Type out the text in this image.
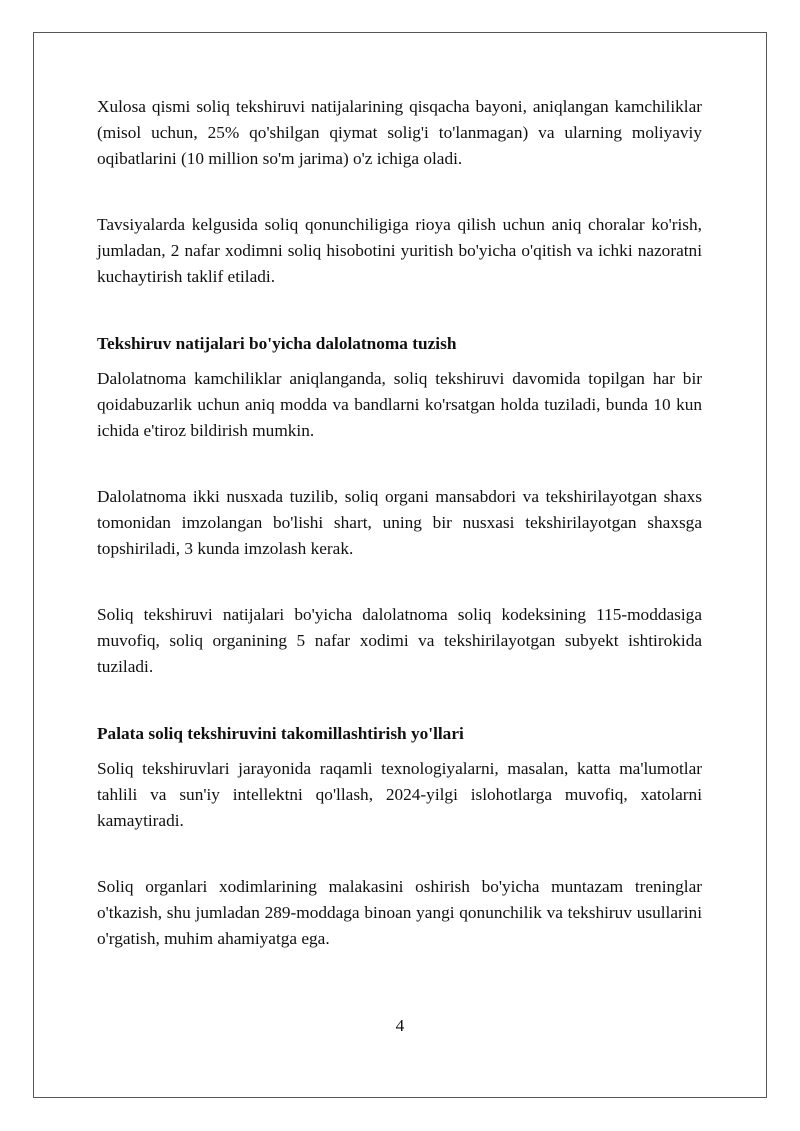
Xulosa qismi soliq tekshiruvi natijalarining qisqacha bayoni, aniqlangan kamchiliklar (misol uchun, 25% qo'shilgan qiymat solig'i to'lanmagan) va ularning moliyaviy oqibatlarini (10 million so'm jarima) o'z ichiga oladi.

Tavsiyalarda kelgusida soliq qonunchiligiga rioya qilish uchun aniq choralar ko'rish, jumladan, 2 nafar xodimni soliq hisobotini yuritish bo'yicha o'qitish va ichki nazoratni kuchaytirish taklif etiladi.

Tekshiruv natijalari bo'yicha dalolatnoma tuzish

Dalolatnoma kamchiliklar aniqlanganda, soliq tekshiruvi davomida topilgan har bir qoidabuzarlik uchun aniq modda va bandlarni ko'rsatgan holda tuziladi, bunda 10 kun ichida e'tiroz bildirish mumkin.

Dalolatnoma ikki nusxada tuzilib, soliq organi mansabdori va tekshirilayotgan shaxs tomonidan imzolangan bo'lishi shart, uning bir nusxasi tekshirilayotgan shaxsga topshiriladi, 3 kunda imzolash kerak.

Soliq tekshiruvi natijalari bo'yicha dalolatnoma soliq kodeksining 115-moddasiga muvofiq, soliq organining 5 nafar xodimi va tekshirilayotgan subyekt ishtirokida tuziladi.

Palata soliq tekshiruvini takomillashtirish yo'llari

Soliq tekshiruvlari jarayonida raqamli texnologiyalarni, masalan, katta ma'lumotlar tahlili va sun'iy intellektni qo'llash, 2024-yilgi islohotlarga muvofiq, xatolarni kamaytiradi.

Soliq organlari xodimlarining malakasini oshirish bo'yicha muntazam treninglar o'tkazish, shu jumladan 289-moddaga binoan yangi qonunchilik va tekshiruv usullarini o'rgatish, muhim ahamiyatga ega.

4
